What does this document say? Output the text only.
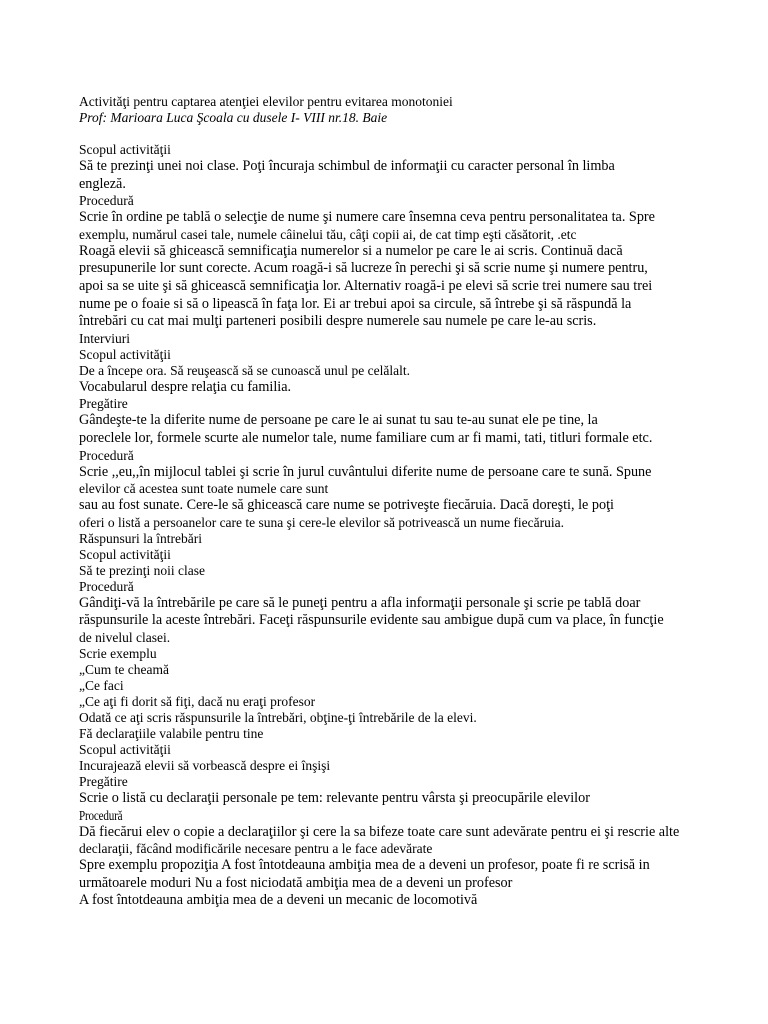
Activităţi pentru captarea atenţiei elevilor pentru evitarea monotoniei
Prof: Marioara Luca Şcoala cu dusele I- VIII nr.18. Baie
Scopul activităţii
Să te prezinţi unei noi clase. Poţi încuraja schimbul de informaţii cu caracter personal în limba
engleză.
Procedură
Scrie în ordine pe tablă o selecţie de nume şi numere care însemna ceva pentru personalitatea ta. Spre
exemplu, numărul casei tale, numele câinelui tău, câţi copii ai, de cat timp eşti căsătorit, .etc
Roagă elevii să ghicească semnificaţia numerelor si a numelor pe care le ai scris. Continuă dacă
presupunerile lor sunt corecte. Acum roagă-i să lucreze în perechi şi să scrie nume şi numere pentru,
apoi sa se uite şi să ghicească semnificaţia lor. Alternativ roagă-i pe elevi să scrie trei numere sau trei
nume pe o foaie si să o lipească în faţa lor. Ei ar trebui apoi sa circule, să întrebe şi să răspundă la
întrebări cu cat mai mulţi parteneri posibili despre numerele sau numele pe care le-au scris.
Interviuri
Scopul activităţii
De a începe ora. Să reuşească să se cunoască unul pe celălalt.
Vocabularul despre relaţia cu familia.
Pregătire
Gândeşte-te la diferite nume de persoane pe care le ai sunat tu sau te-au sunat ele pe tine, la
poreclele lor, formele scurte ale numelor tale, nume familiare cum ar fi mami, tati, titluri formale etc.
Procedură
Scrie ,,eu,,în mijlocul tablei şi scrie în jurul cuvântului diferite nume de persoane care te sună. Spune
elevilor că acestea sunt toate numele care sunt
sau au fost sunate. Cere-le să ghicească care nume se potriveşte fiecăruia. Dacă doreşti, le poţi
oferi o listă a persoanelor care te suna şi cere-le elevilor să potrivească un nume fiecăruia.
Răspunsuri la întrebări
Scopul activităţii
Să te prezinţi noii clase
Procedură
Gândiţi-vă la întrebările pe care să le puneţi pentru a afla informaţii personale şi scrie pe tablă doar
răspunsurile la aceste întrebări. Faceţi răspunsurile evidente sau ambigue după cum va place, în funcţie
de nivelul clasei.
Scrie exemplu
„Cum te cheamă
„Ce faci
„Ce aţi fi dorit să fiţi, dacă nu eraţi profesor
Odată ce aţi scris răspunsurile la întrebări, obţine-ţi întrebările de la elevi.
Fă declaraţiile valabile pentru tine
Scopul activităţii
Incurajează elevii să vorbească despre ei înşişi
Pregătire
Scrie o listă cu declaraţii personale pe tem: relevante pentru vârsta şi preocupările elevilor
Procedură
Dă fiecărui elev o copie a declaraţiilor şi cere la sa bifeze toate care sunt adevărate pentru ei şi rescrie alte
declaraţii, făcând modificările necesare pentru a le face adevărate
Spre exemplu propoziţia A fost întotdeauna ambiţia mea de a deveni un profesor, poate fi re scrisă in
următoarele moduri Nu a fost niciodată ambiţia mea de a deveni un profesor
A fost întotdeauna ambiţia mea de a deveni un mecanic de locomotivă
